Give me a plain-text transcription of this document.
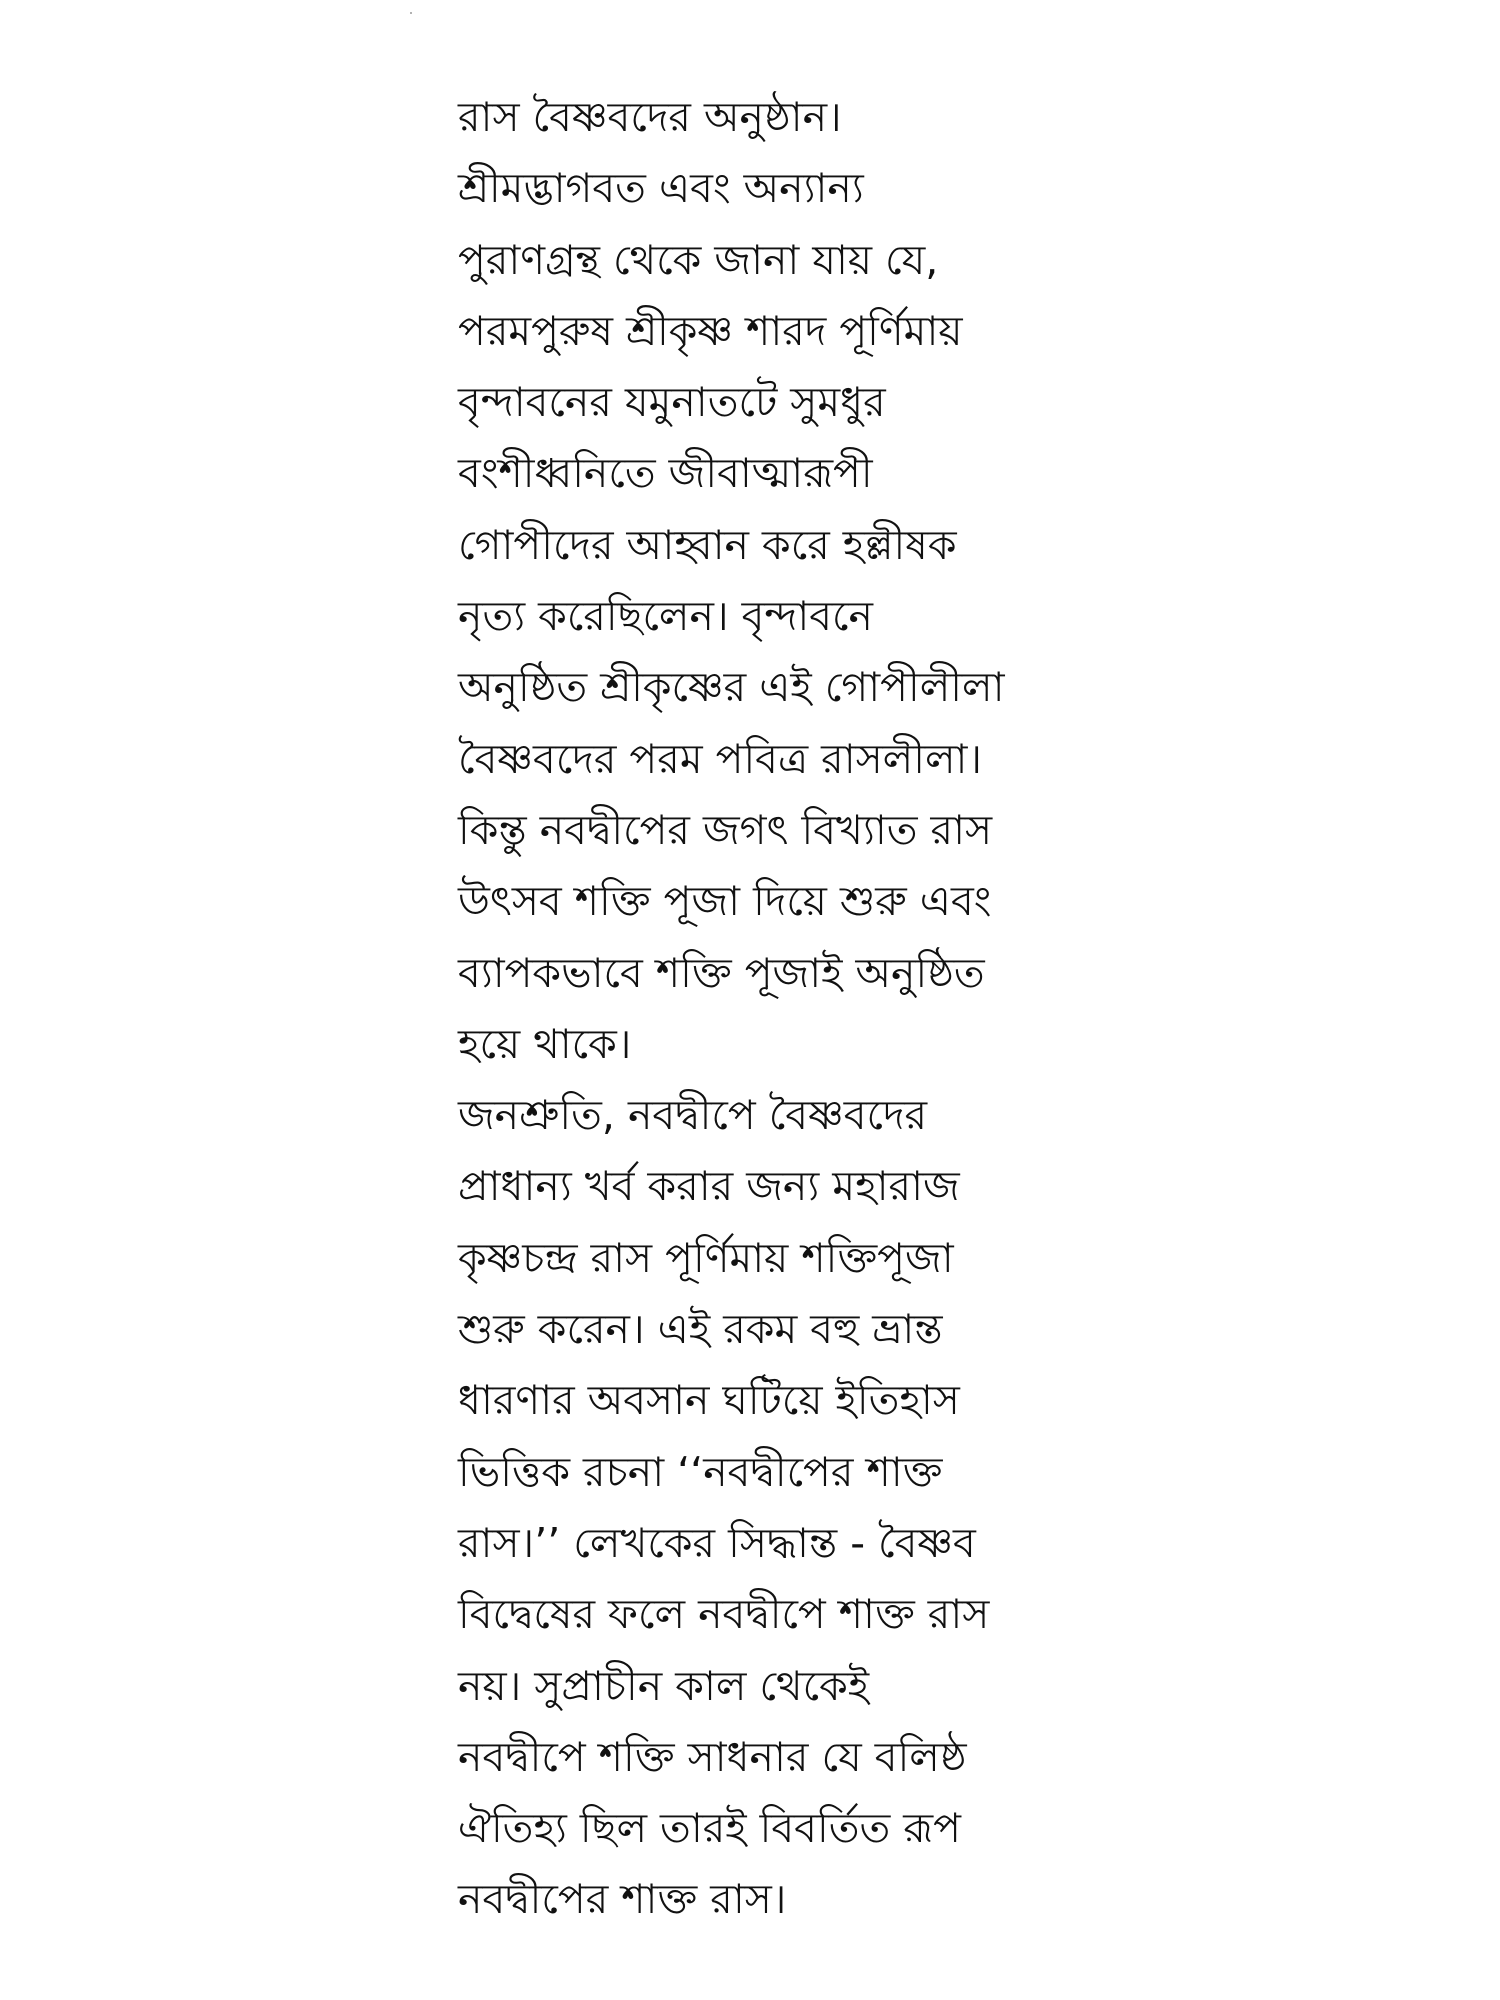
রাস বৈষ্ণবদের অনুষ্ঠান।
শ্রীমদ্ভাগবত এবং অন্যান্য
পুরাণগ্রন্থ থেকে জানা যায় যে,
পরমপুরুষ শ্রীকৃষ্ণ শারদ পূর্ণিমায়
বৃন্দাবনের যমুনাতটে সুমধুর
বংশীধ্বনিতে জীবাত্মারূপী
গোপীদের আহ্বান করে হল্লীষক
নৃত্য করেছিলেন। বৃন্দাবনে
অনুষ্ঠিত শ্রীকৃষ্ণের এই গোপীলীলা
বৈষ্ণবদের পরম পবিত্র রাসলীলা।
কিন্তু নবদ্বীপের জগৎ বিখ্যাত রাস
উৎসব শক্তি পূজা দিয়ে শুরু এবং
ব্যাপকভাবে শক্তি পূজাই অনুষ্ঠিত
হয়ে থাকে।
জনশ্রুতি, নবদ্বীপে বৈষ্ণবদের
প্রাধান্য খর্ব করার জন্য মহারাজ
কৃষ্ণচন্দ্র রাস পূর্ণিমায় শক্তিপূজা
শুরু করেন। এই রকম বহু ভ্রান্ত
ধারণার অবসান ঘটিয়ে ইতিহাস
ভিত্তিক রচনা ‘‘নবদ্বীপের শাক্ত
রাস।’’ লেখকের সিদ্ধান্ত - বৈষ্ণব
বিদ্বেষের ফলে নবদ্বীপে শাক্ত রাস
নয়। সুপ্রাচীন কাল থেকেই
নবদ্বীপে শক্তি সাধনার যে বলিষ্ঠ
ঐতিহ্য ছিল তারই বিবর্তিত রূপ
নবদ্বীপের শাক্ত রাস।
